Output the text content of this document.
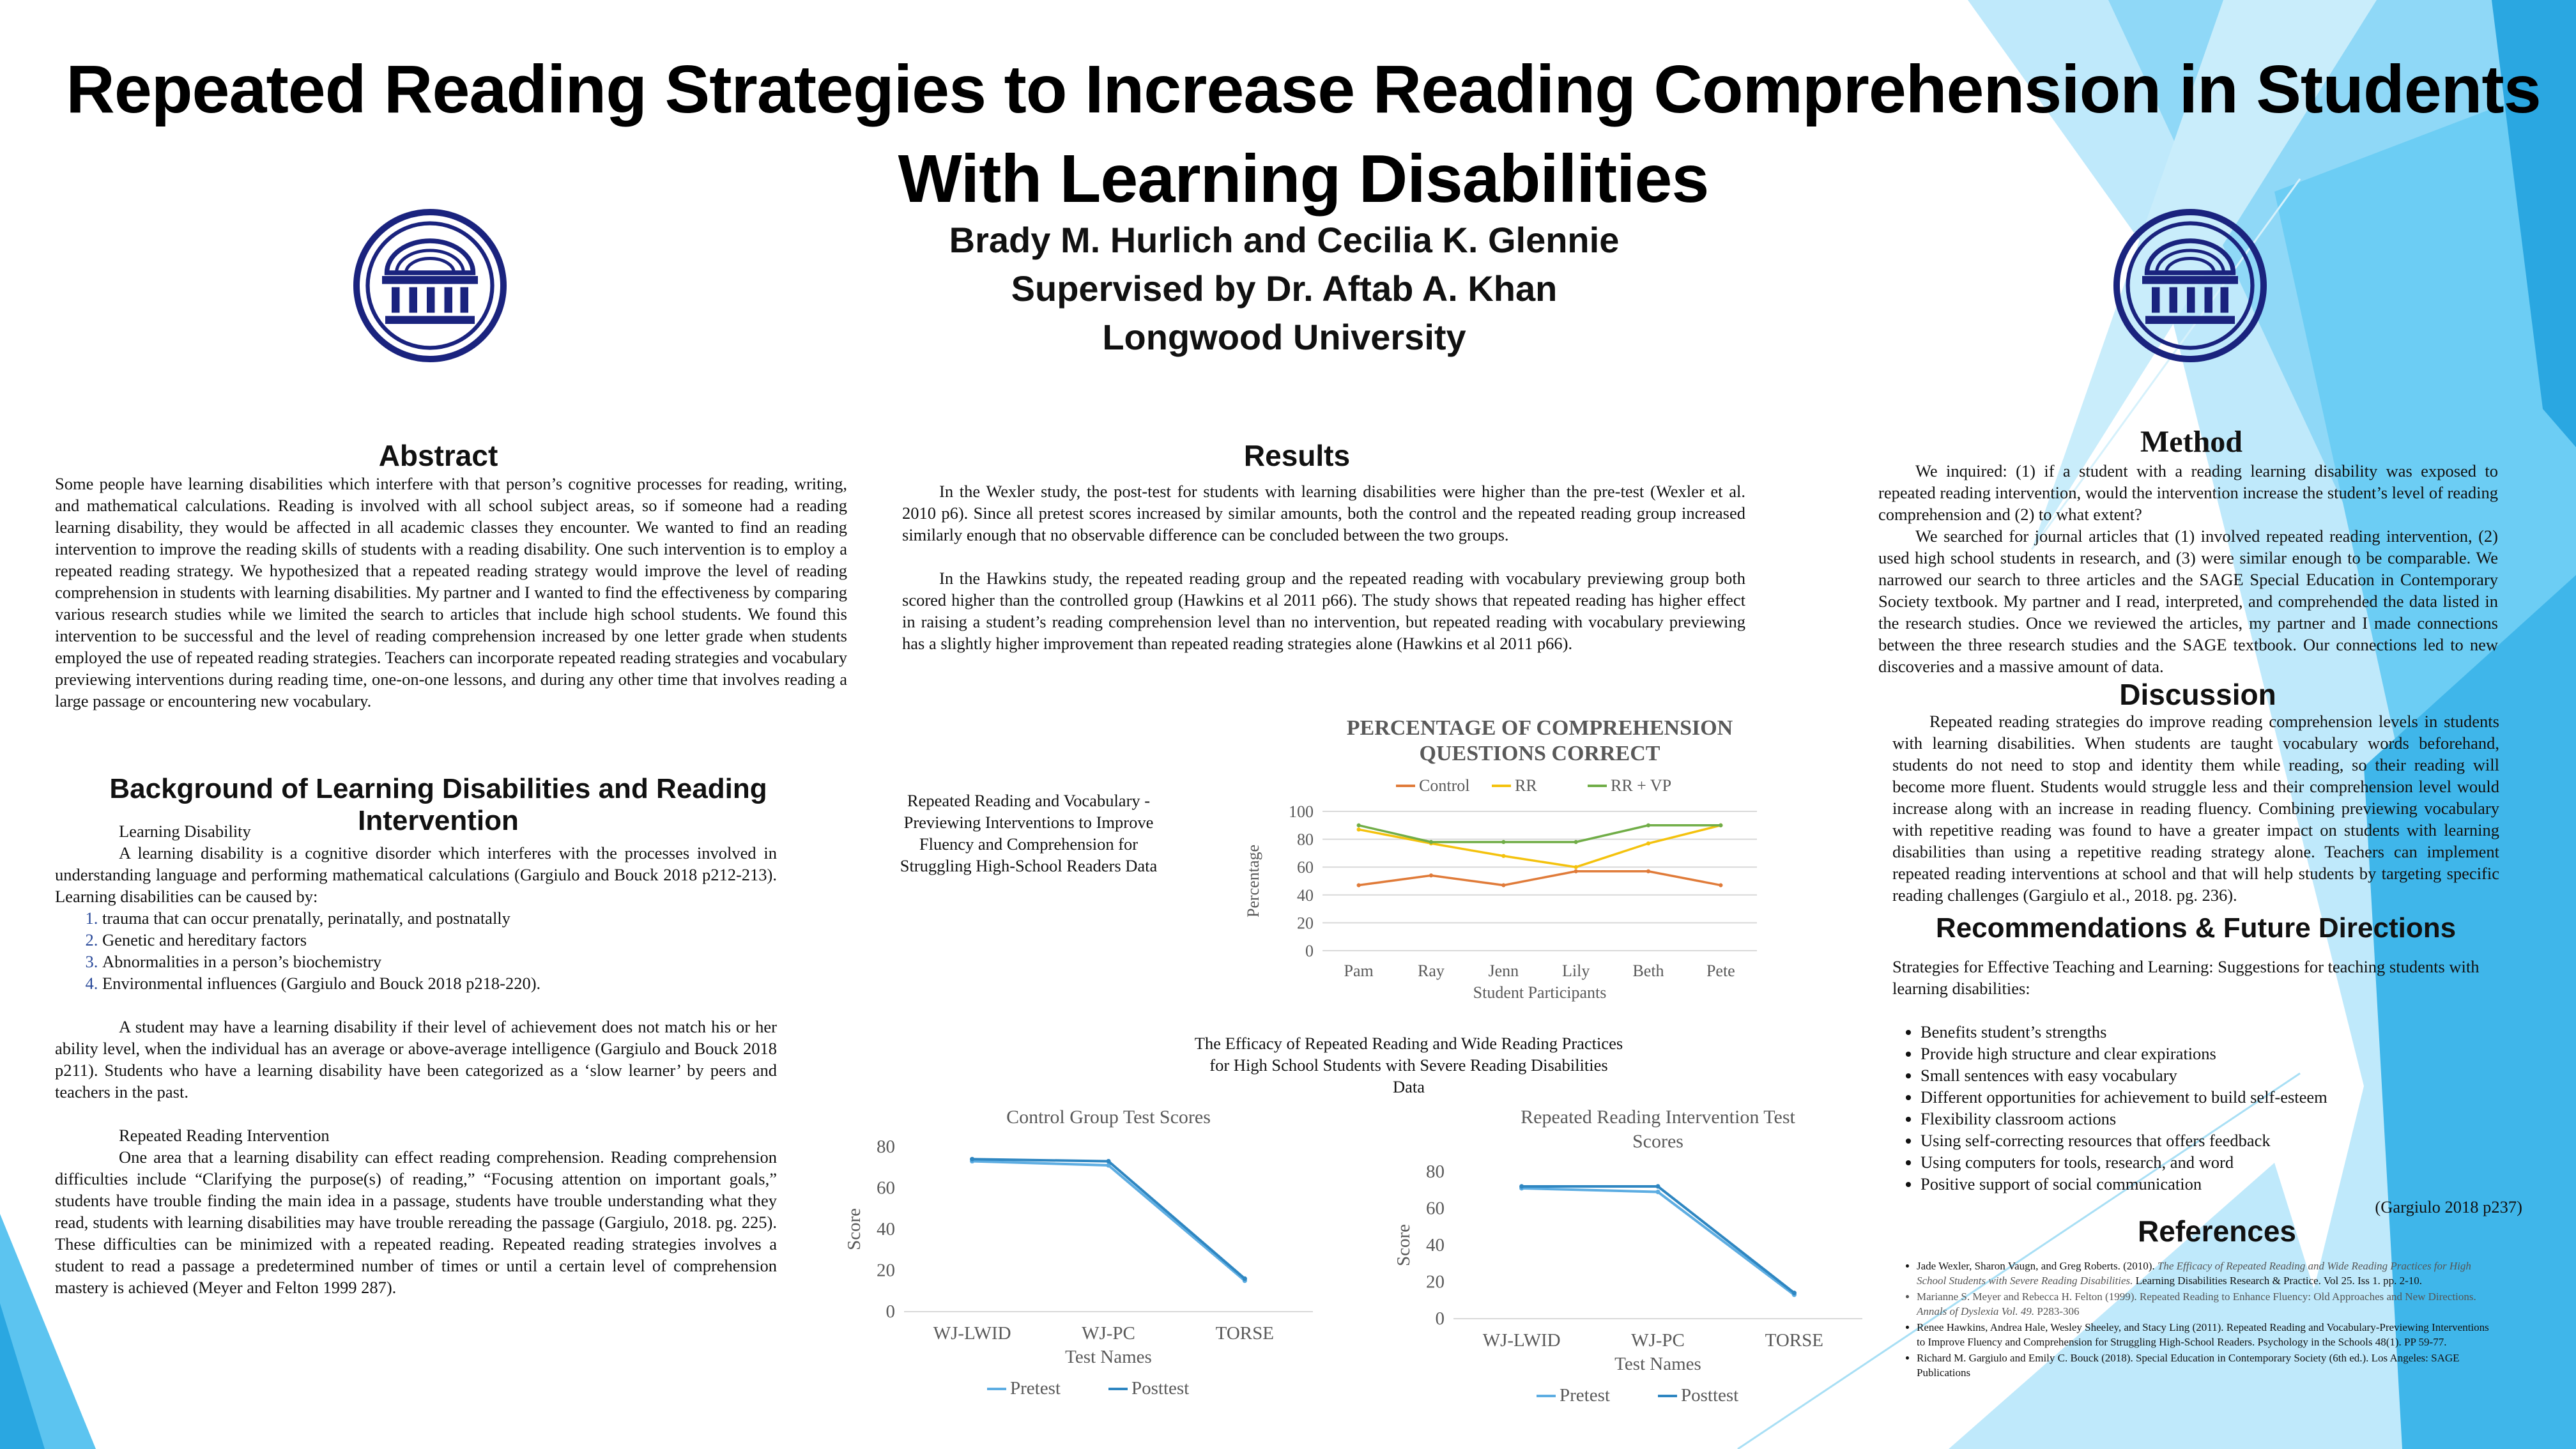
Repeated Reading Strategies to Increase Reading Comprehension in Students With Learning Disabilities
Brady M. Hurlich and Cecilia K. Glennie
Supervised by Dr. Aftab A. Khan
Longwood University
Abstract

Some people have learning disabilities which interfere with that person’s cognitive processes for reading, writing, and mathematical calculations. Reading is involved with all school subject areas, so if someone had a reading learning disability, they would be affected in all academic classes they encounter. We wanted to find an reading intervention to improve the reading skills of students with a reading disability. One such intervention is to employ a repeated reading strategy. We hypothesized that a repeated reading strategy would improve the level of reading comprehension in students with learning disabilities. My partner and I wanted to find the effectiveness by comparing various research studies while we limited the search to articles that include high school students. We found this intervention to be successful and the level of reading comprehension increased by one letter grade when students employed the use of repeated reading strategies. Teachers can incorporate repeated reading strategies and vocabulary previewing interventions during reading time, one-on-one lessons, and during any other time that involves reading a large passage or encountering new vocabulary.

Background of Learning Disabilities and Reading Intervention

Learning Disability

A learning disability is a cognitive disorder which interferes with the processes involved in understanding language and performing mathematical calculations (Gargiulo and Bouck 2018 p212-213). Learning disabilities can be caused by:

1. trauma that can occur prenatally, perinatally, and postnatally
2. Genetic and hereditary factors
3. Abnormalities in a person’s biochemistry
4. Environmental influences (Gargiulo and Bouck 2018 p218-220).

A student may have a learning disability if their level of achievement does not match his or her ability level, when the individual has an average or above-average intelligence (Gargiulo and Bouck 2018 p211). Students who have a learning disability have been categorized as a ‘slow learner’ by peers and teachers in the past.

Repeated Reading Intervention

One area that a learning disability can effect reading comprehension. Reading comprehension difficulties include “Clarifying the purpose(s) of reading,” “Focusing attention on important goals,” students have trouble finding the main idea in a passage, students have trouble understanding what they read, students with learning disabilities may have trouble rereading the passage (Gargiulo, 2018. pg. 225). These difficulties can be minimized with a repeated reading. Repeated reading strategies involves a student to read a passage a predetermined number of times or until a certain level of comprehension mastery is achieved (Meyer and Felton 1999 287).

Results

In the Wexler study, the post-test for students with learning disabilities were higher than the pre-test (Wexler et al. 2010 p6). Since all pretest scores increased by similar amounts, both the control and the repeated reading group increased similarly enough that no observable difference can be concluded between the two groups.

In the Hawkins study, the repeated reading group and the repeated reading with vocabulary previewing group both scored higher than the controlled group (Hawkins et al 2011 p66). The study shows that repeated reading has higher effect in raising a student’s reading comprehension level than no intervention, but repeated reading with vocabulary previewing has a slightly higher improvement than repeated reading strategies alone (Hawkins et al 2011 p66).

Repeated Reading and Vocabulary -Previewing Interventions to Improve Fluency and Comprehension for Struggling High-School Readers Data
The Efficacy of Repeated Reading and Wide Reading Practices
for High School Students with Severe Reading Disabilities
Data
PERCENTAGE OF COMPREHENSION
QUESTIONS CORRECT
0
20
40
60
80
100
Pam	Ray	Jenn	Lily	Beth	Pete
Student Participants
Percentage
Control	RR	RR + VP
Control Group Test Scores
0
20
40
60
80
WJ-LWID	WJ-PC	TORSE
Test Names
Score
Pretest	Posttest
Repeated Reading Intervention Test
Scores
0
20
40
60
80
WJ-LWID	WJ-PC	TORSE
Test Names
Score
Pretest	Posttest
Method

We inquired: (1) if a student with a reading learning disability was exposed to repeated reading intervention, would the intervention increase the student’s level of reading comprehension and (2) to what extent?

We searched for journal articles that (1) involved repeated reading intervention, (2) used high school students in research, and (3) were similar enough to be comparable. We narrowed our search to three articles and the SAGE Special Education in Contemporary Society textbook. My partner and I read, interpreted, and comprehended the data listed in the research studies. Once we reviewed the articles, my partner and I made connections between the three research studies and the SAGE textbook. Our connections led to new discoveries and a massive amount of data.

Discussion

Repeated reading strategies do improve reading comprehension levels in students with learning disabilities. When students are taught vocabulary words beforehand, students do not need to stop and identity them while reading, so their reading will become more fluent. Students would struggle less and their comprehension level would increase along with an increase in reading fluency. Combining previewing vocabulary with repetitive reading was found to have a greater impact on students with learning disabilities than using a repetitive reading strategy alone. Teachers can implement repeated reading interventions at school and that will help students by targeting specific reading challenges (Gargiulo et al., 2018. pg. 236).

Recommendations & Future Directions

Strategies for Effective Teaching and Learning: Suggestions for teaching students with learning disabilities:

• Benefits student’s strengths
• Provide high structure and clear expirations
• Small sentences with easy vocabulary
• Different opportunities for achievement to build self-esteem
• Flexibility classroom actions
• Using self-correcting resources that offers feedback
• Using computers for tools, research, and word
• Positive support of social communication

(Gargiulo 2018 p237)

References
• Jade Wexler, Sharon Vaugn, and Greg Roberts. (2010). The Efficacy of Repeated Reading and Wide Reading Practices for High School Students with Severe Reading Disabilities. Learning Disabilities Research & Practice. Vol 25. Iss 1. pp. 2-10.
• Marianne S. Meyer and Rebecca H. Felton (1999). Repeated Reading to Enhance Fluency: Old Approaches and New Directions. Annals of Dyslexia Vol. 49. P283-306
• Renee Hawkins, Andrea Hale, Wesley Sheeley, and Stacy Ling (2011). Repeated Reading and Vocabulary-Previewing Interventions to Improve Fluency and Comprehension for Struggling High-School Readers. Psychology in the Schools 48(1). PP 59-77.
• Richard M. Gargiulo and Emily C. Bouck (2018). Special Education in Contemporary Society (6th ed.). Los Angeles: SAGE Publications
